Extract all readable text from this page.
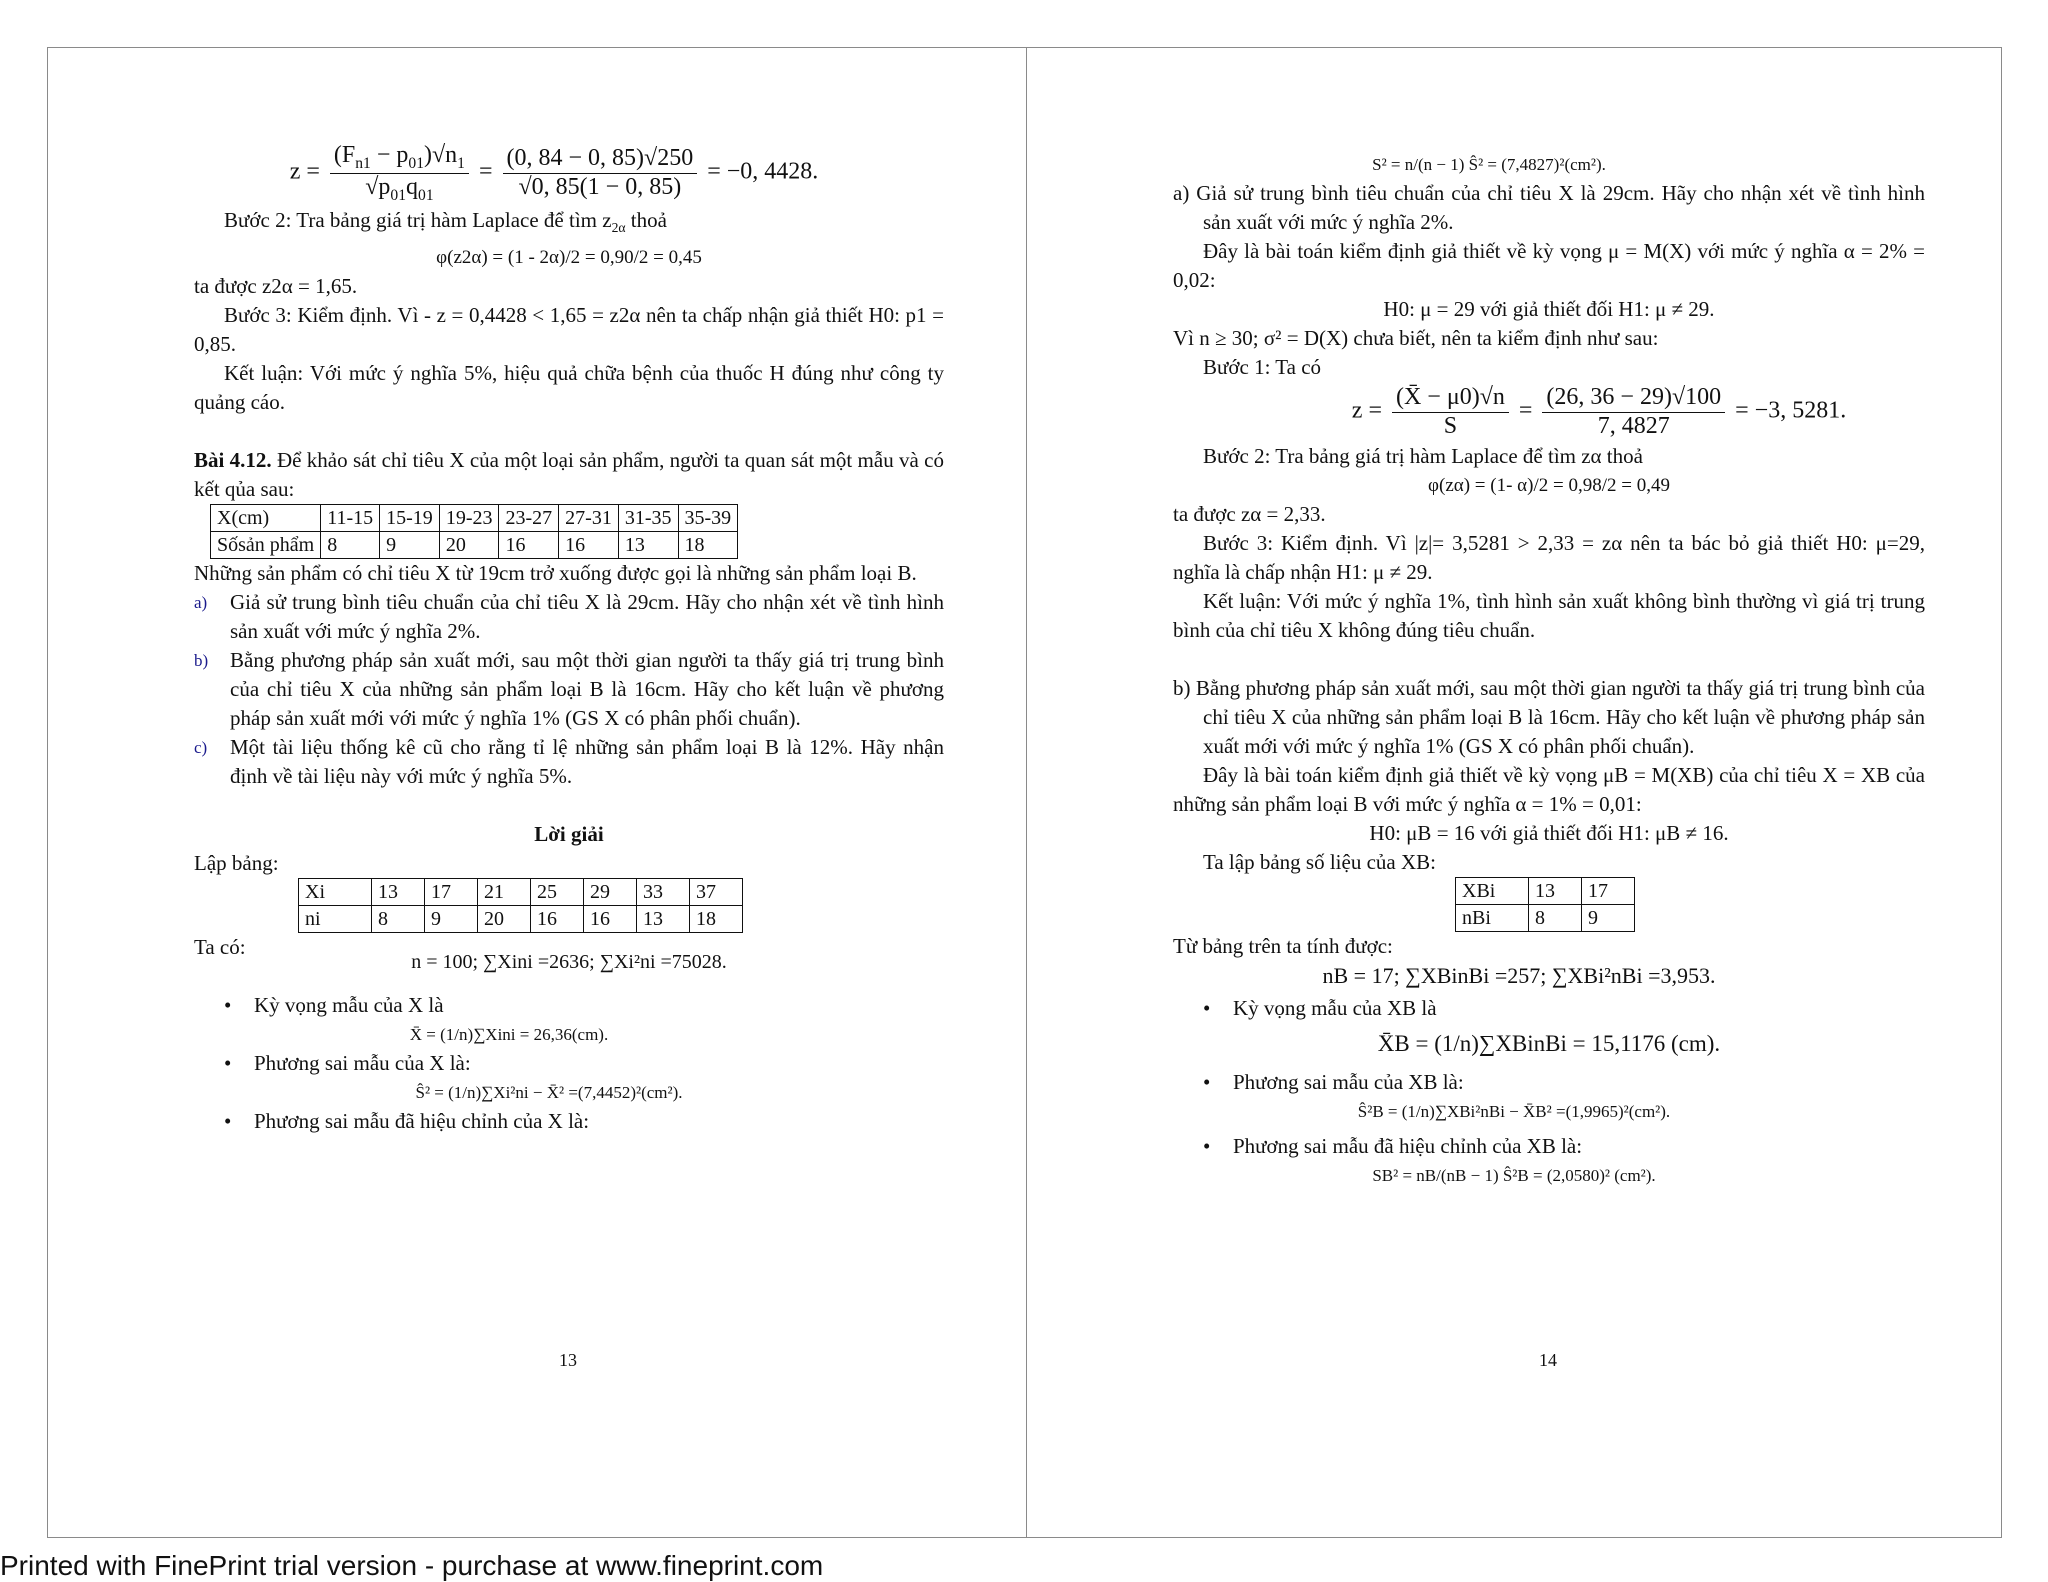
$z = \frac{(F_{n1} - p_{01})√n_1}{√p_{01}q_{01}} = \frac{(0, 84 - 0, 85)√250}{√0, 85(1 - 0, 85)} = -0$, 4428.

Bước 2: Tra bảng giá trị hàm Laplace để tìm $z_{2\alpha}$ thoả

φ(z2α) = (1 - 2α)/2 = 0,90/2 = 0,45

ta được z2α = 1,65.

Bước 3: Kiểm định. Vì - z = 0,4428 < 1,65 = z2α nên ta chấp nhận giả thiết H0: p1 = 0,85.

Kết luận: Với mức ý nghĩa 5%, hiệu quả chữa bệnh của thuốc H đúng như công ty quảng cáo.

Bài 4.12. Để khảo sát chỉ tiêu X của một loại sản phẩm, người ta quan sát một mẫu và có kết qủa sau:

X(cm)	11-15	15-19	19-23	23-27	27-31	31-35	35-39
Sốsản phẩm	8	9	20	16	16	13	18

Những sản phẩm có chỉ tiêu X từ 19cm trở xuống được gọi là những sản phẩm loại B.

a) Giả sử trung bình tiêu chuẩn của chỉ tiêu X là 29cm. Hãy cho nhận xét về tình hình sản xuất với mức ý nghĩa 2%.
b) Bằng phương pháp sản xuất mới, sau một thời gian người ta thấy giá trị trung bình của chỉ tiêu X của những sản phẩm loại B là 16cm. Hãy cho kết luận về phương pháp sản xuất mới với mức ý nghĩa 1% (GS X có phân phối chuẩn).
c) Một tài liệu thống kê cũ cho rằng tỉ lệ những sản phẩm loại B là 12%. Hãy nhận định về tài liệu này với mức ý nghĩa 5%.

Lời giải

Lập bảng:

Xi	13	17	21	25	29	33	37
ni	8	9	20	16	16	13	18

Ta có:

n = 100; ∑Xini =2636; ∑Xi²ni =75028.

• Kỳ vọng mẫu của X là

X̄ = (1/n)∑Xini = 26,36(cm).

• Phương sai mẫu của X là:

Ŝ² = (1/n)∑Xi²ni − X̄² =(7,4452)²(cm²).

• Phương sai mẫu đã hiệu chỉnh của X là:
13

S² = n/(n − 1) Ŝ² = (7,4827)²(cm²).

a) Giả sử trung bình tiêu chuẩn của chỉ tiêu X là 29cm. Hãy cho nhận xét về tình hình sản xuất với mức ý nghĩa 2%.

Đây là bài toán kiểm định giả thiết về kỳ vọng μ = M(X) với mức ý nghĩa α = 2% = 0,02:

H0: μ = 29 với giả thiết đối H1: μ ≠ 29.

Vì n ≥ 30; σ² = D(X) chưa biết, nên ta kiểm định như sau:

Bước 1: Ta có

$z = \frac{(X̄ - \mu 0)√n}{S} = \frac{(26, 36 - 29)√100}{7, 4827} = -3$, 5281.

Bước 2: Tra bảng giá trị hàm Laplace để tìm zα thoả

φ(zα) = (1- α)/2 = 0,98/2 = 0,49

ta được zα = 2,33.

Bước 3: Kiểm định. Vì |z|= 3,5281 > 2,33 = zα nên ta bác bỏ giả thiết H0: μ=29, nghĩa là chấp nhận H1: μ ≠ 29.

Kết luận: Với mức ý nghĩa 1%, tình hình sản xuất không bình thường vì giá trị trung bình của chỉ tiêu X không đúng tiêu chuẩn.

b) Bằng phương pháp sản xuất mới, sau một thời gian người ta thấy giá trị trung bình của chỉ tiêu X của những sản phẩm loại B là 16cm. Hãy cho kết luận về phương pháp sản xuất mới với mức ý nghĩa 1% (GS X có phân phối chuẩn).

Đây là bài toán kiểm định giả thiết về kỳ vọng μB = M(XB) của chỉ tiêu X = XB của những sản phẩm loại B với mức ý nghĩa α = 1% = 0,01:

H0: μB = 16 với giả thiết đối H1: μB ≠ 16.

Ta lập bảng số liệu của XB:

XBi	13	17
nBi	8	9

Từ bảng trên ta tính được:

nB = 17; ∑XBinBi =257; ∑XBi²nBi =3,953.

• Kỳ vọng mẫu của XB là

X̄B = (1/n)∑XBinBi = 15,1176 (cm).

• Phương sai mẫu của XB là:

Ŝ²B = (1/n)∑XBi²nBi − X̄B² =(1,9965)²(cm²).

• Phương sai mẫu đã hiệu chỉnh của XB là:

SB² = nB/(nB − 1) Ŝ²B = (2,0580)² (cm²).

14
Printed with FinePrint trial version - purchase at www.fineprint.com
